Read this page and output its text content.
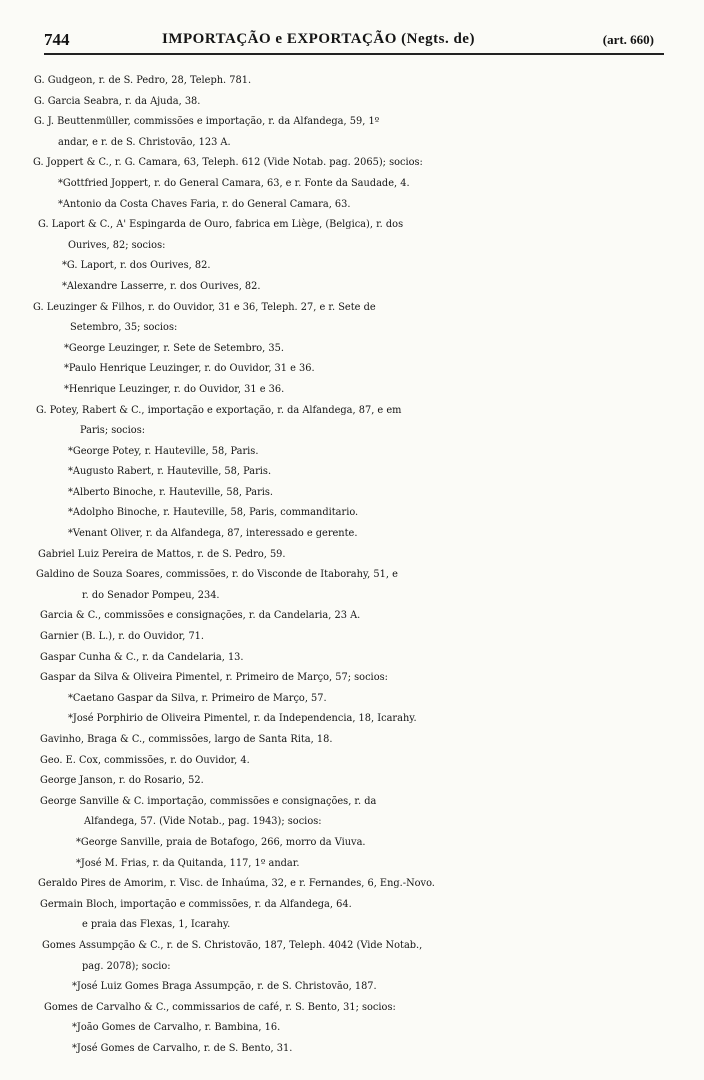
744	IMPORTAÇÃO e EXPORTAÇÃO (Negts. de)	(art. 660)
G. Gudgeon, r. de S. Pedro, 28, Teleph. 781.
G. Garcia Seabra, r. da Ajuda, 38.
G. J. Beuttenmüller, commissões e importação, r. da Alfandega, 59, 1º
andar, e r. de S. Christovão, 123 A.
G. Joppert & C., r. G. Camara, 63, Teleph. 612 (Vide Notab. pag. 2065); socios:
*Gottfried Joppert, r. do General Camara, 63, e r. Fonte da Saudade, 4.
*Antonio da Costa Chaves Faria, r. do General Camara, 63.
G. Laport & C., A' Espingarda de Ouro, fabrica em Liège, (Belgica), r. dos
Ourives, 82; socios:
*G. Laport, r. dos Ourives, 82.
*Alexandre Lasserre, r. dos Ourives, 82.
G. Leuzinger & Filhos, r. do Ouvidor, 31 e 36, Teleph. 27, e r. Sete de
Setembro, 35; socios:
*George Leuzinger, r. Sete de Setembro, 35.
*Paulo Henrique Leuzinger, r. do Ouvidor, 31 e 36.
*Henrique Leuzinger, r. do Ouvidor, 31 e 36.
G. Potey, Rabert & C., importação e exportação, r. da Alfandega, 87, e em
Paris; socios:
*George Potey, r. Hauteville, 58, Paris.
*Augusto Rabert, r. Hauteville, 58, Paris.
*Alberto Binoche, r. Hauteville, 58, Paris.
*Adolpho Binoche, r. Hauteville, 58, Paris, commanditario.
*Venant Oliver, r. da Alfandega, 87, interessado e gerente.
Gabriel Luiz Pereira de Mattos, r. de S. Pedro, 59.
Galdino de Souza Soares, commissões, r. do Visconde de Itaborahy, 51, e
r. do Senador Pompeu, 234.
Garcia & C., commissões e consignações, r. da Candelaria, 23 A.
Garnier (B. L.), r. do Ouvidor, 71.
Gaspar Cunha & C., r. da Candelaria, 13.
Gaspar da Silva & Oliveira Pimentel, r. Primeiro de Março, 57; socios:
*Caetano Gaspar da Silva, r. Primeiro de Março, 57.
*José Porphirio de Oliveira Pimentel, r. da Independencia, 18, Icarahy.
Gavinho, Braga & C., commissões, largo de Santa Rita, 18.
Geo. E. Cox, commissões, r. do Ouvidor, 4.
George Janson, r. do Rosario, 52.
George Sanville & C. importação, commissões e consignações, r. da
Alfandega, 57. (Vide Notab., pag. 1943); socios:
*George Sanville, praia de Botafogo, 266, morro da Viuva.
*José M. Frias, r. da Quitanda, 117, 1º andar.
Geraldo Pires de Amorim, r. Visc. de Inhaúma, 32, e r. Fernandes, 6, Eng.-Novo.
Germain Bloch, importação e commissões, r. da Alfandega, 64.
e praia das Flexas, 1, Icarahy.
Gomes Assumpção & C., r. de S. Christovão, 187, Teleph. 4042 (Vide Notab.,
pag. 2078); socio:
*José Luiz Gomes Braga Assumpção, r. de S. Christovão, 187.
Gomes de Carvalho & C., commissarios de café, r. S. Bento, 31; socios:
*João Gomes de Carvalho, r. Bambina, 16.
*José Gomes de Carvalho, r. de S. Bento, 31.
